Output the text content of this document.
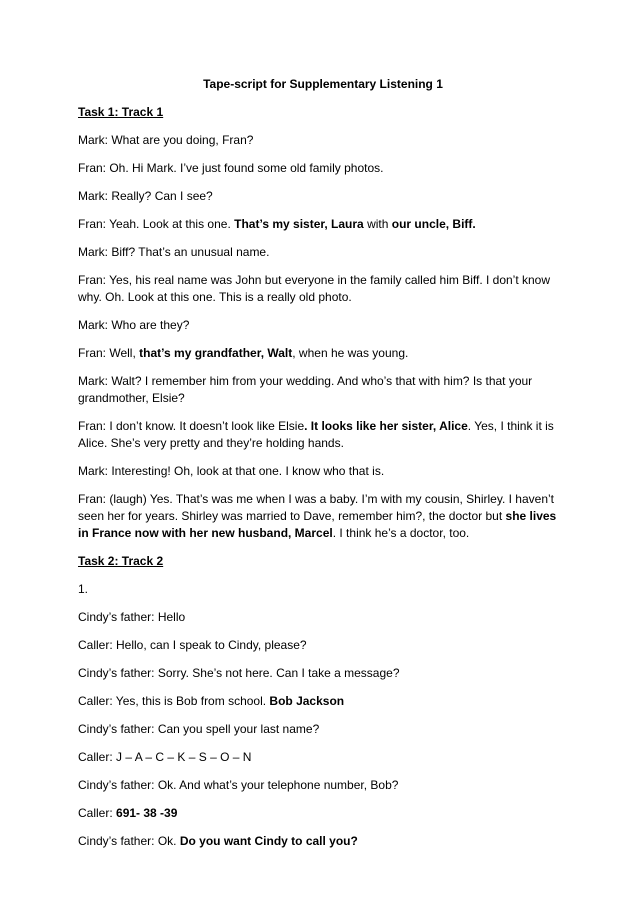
Tape-script for Supplementary Listening 1
Task 1: Track 1

Mark: What are you doing, Fran?

Fran: Oh. Hi Mark. I’ve just found some old family photos.

Mark: Really? Can I see?

Fran: Yeah. Look at this one. That’s my sister, Laura with our uncle, Biff.

Mark: Biff? That’s an unusual name.

Fran: Yes, his real name was John but everyone in the family called him Biff. I don’t know why. Oh. Look at this one. This is a really old photo.

Mark: Who are they?

Fran: Well, that’s my grandfather, Walt, when he was young.

Mark: Walt? I remember him from your wedding. And who’s that with him? Is that your grandmother, Elsie?

Fran: I don’t know. It doesn’t look like Elsie. It looks like her sister, Alice. Yes, I think it is Alice. She’s very pretty and they’re holding hands.

Mark: Interesting! Oh, look at that one. I know who that is.

Fran: (laugh) Yes. That’s was me when I was a baby. I’m with my cousin, Shirley. I haven’t seen her for years. Shirley was married to Dave, remember him?, the doctor but she lives in France now with her new husband, Marcel. I think he’s a doctor, too.

Task 2: Track 2

1.

Cindy’s father: Hello

Caller: Hello, can I speak to Cindy, please?

Cindy’s father: Sorry. She’s not here. Can I take a message?

Caller: Yes, this is Bob from school. Bob Jackson

Cindy’s father: Can you spell your last name?

Caller: J – A – C – K – S – O – N

Cindy’s father: Ok. And what’s your telephone number, Bob?

Caller: 691- 38 -39

Cindy’s father: Ok. Do you want Cindy to call you?
